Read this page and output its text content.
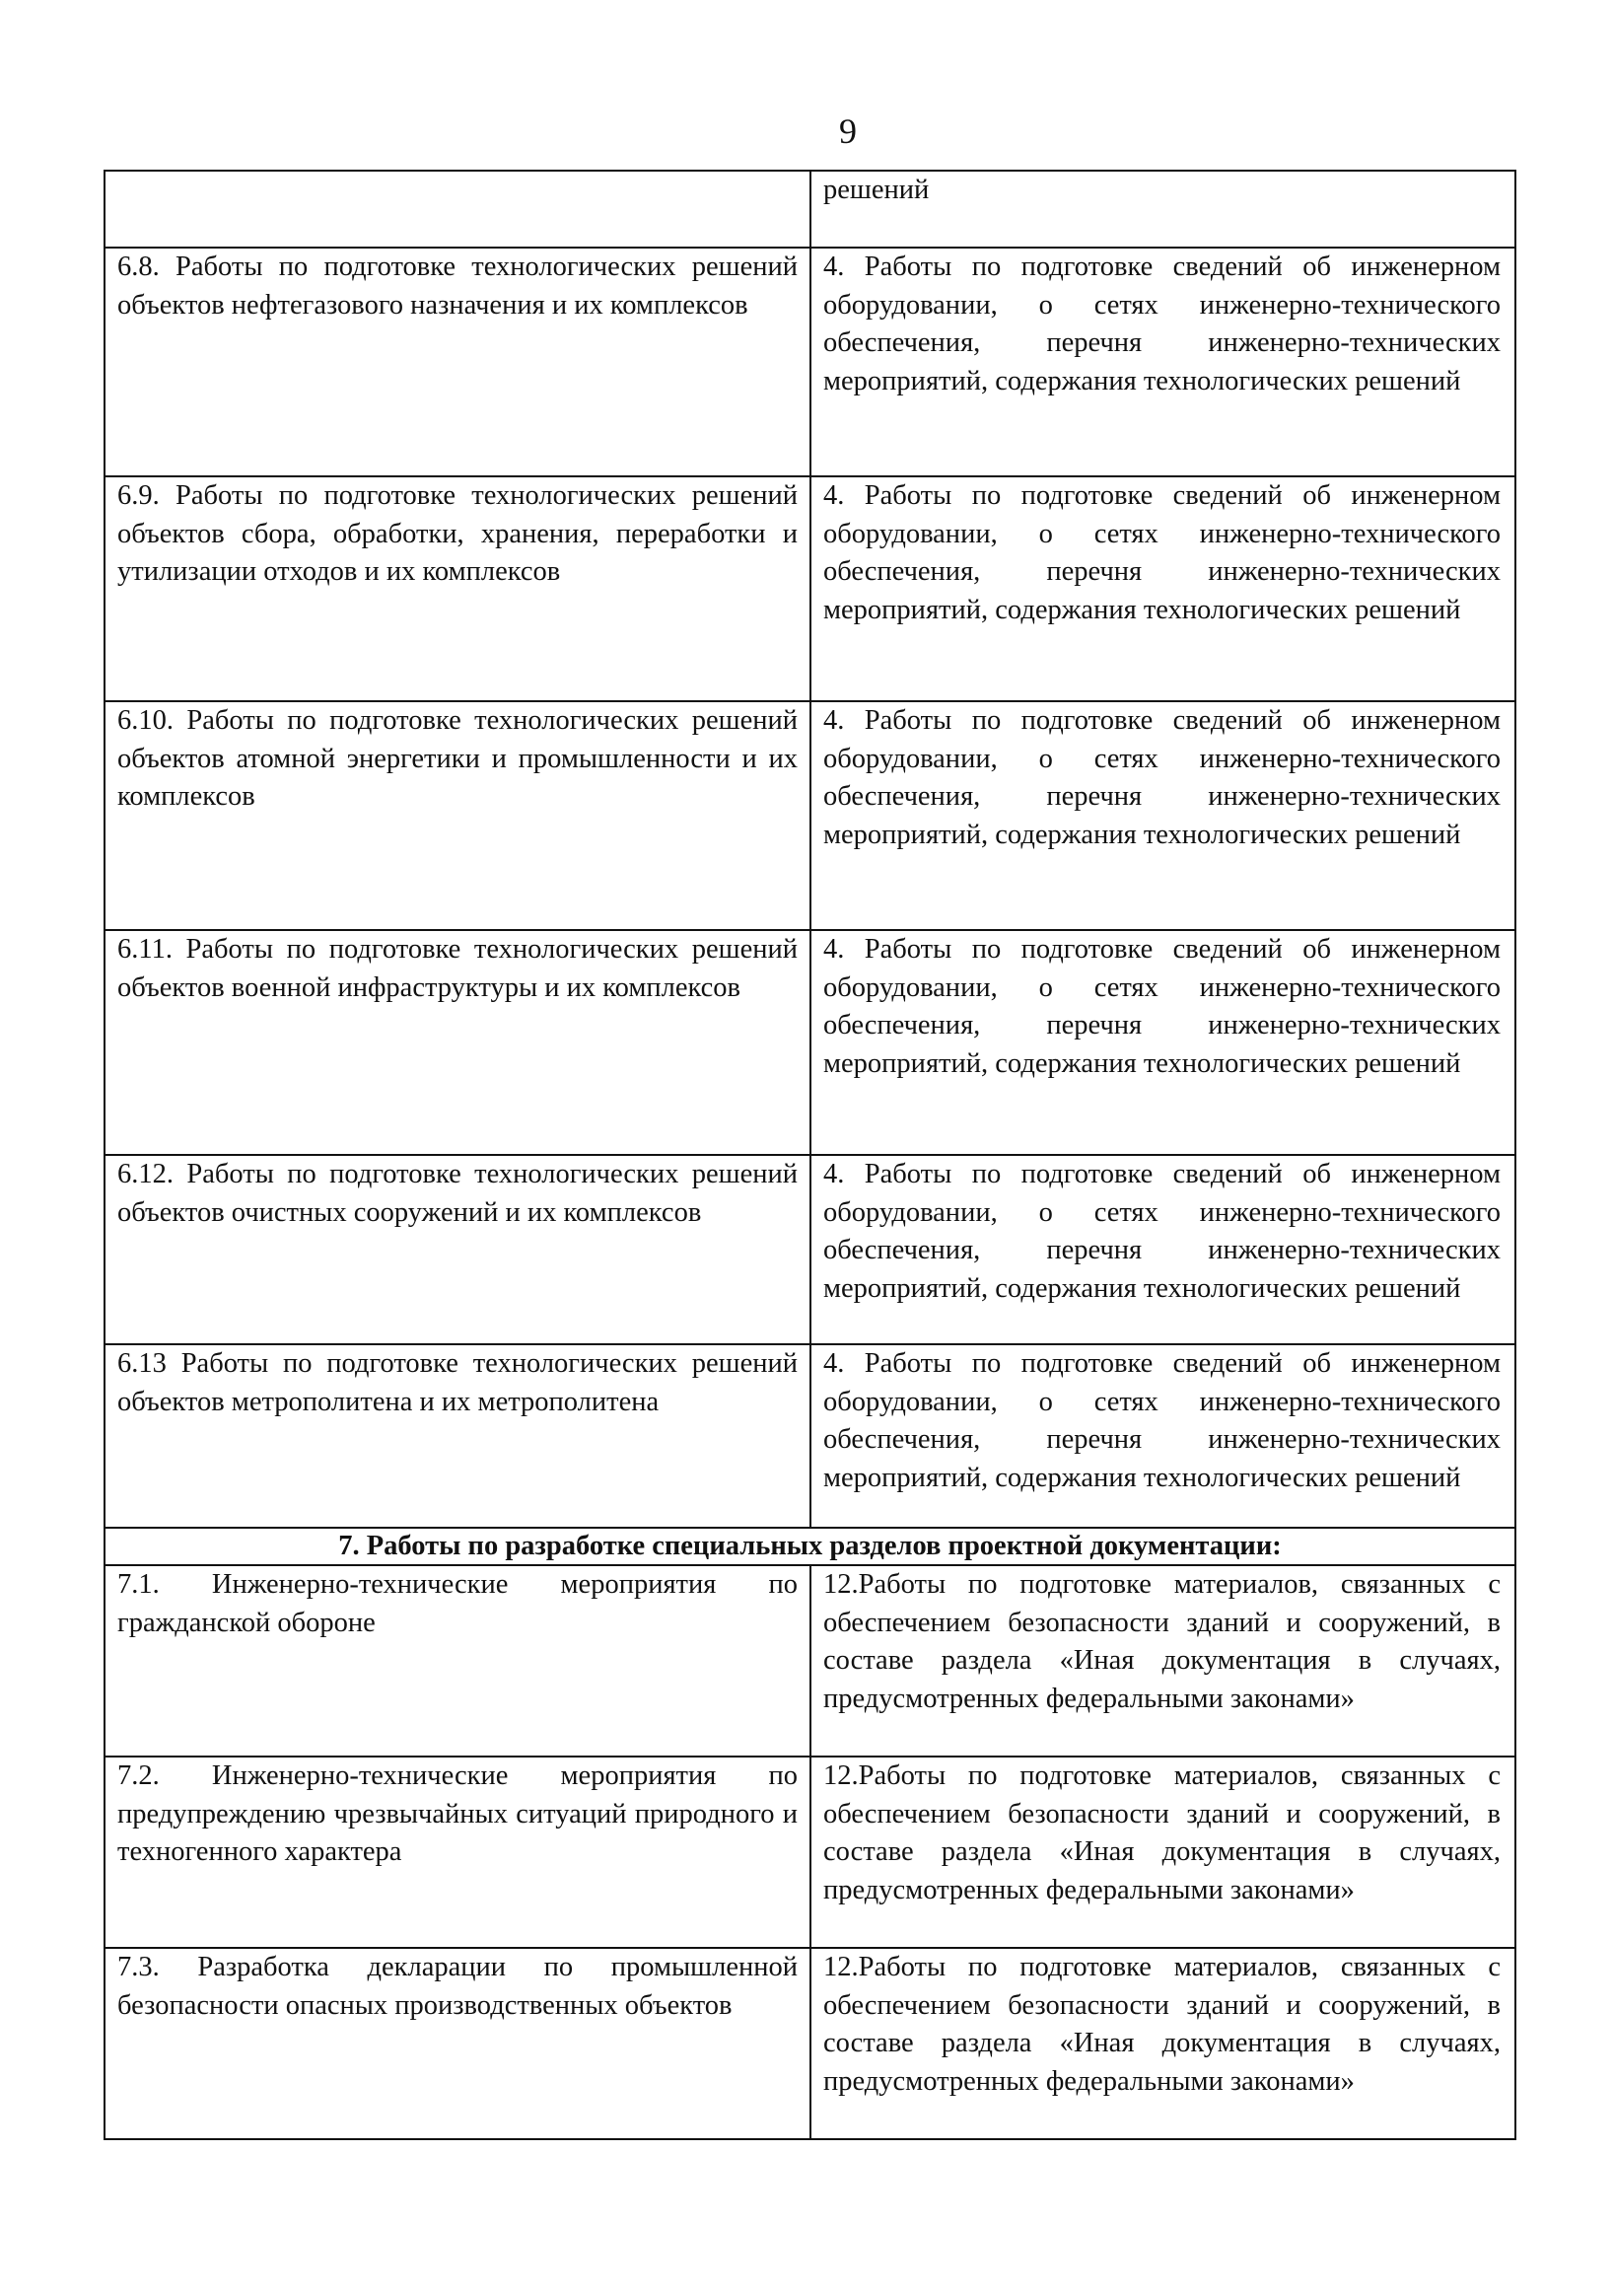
9
	решений
6.8. Работы по подготовке технологических решений объектов нефтегазового назначения и их комплексов	4. Работы по подготовке сведений об инженерном оборудовании, о сетях инженерно-технического обеспечения, перечня инженерно-технических мероприятий, содержания технологических решений
6.9. Работы по подготовке технологических решений объектов сбора, обработки, хранения, переработки и утилизации отходов и их комплексов	4. Работы по подготовке сведений об инженерном оборудовании, о сетях инженерно-технического обеспечения, перечня инженерно-технических мероприятий, содержания технологических решений
6.10. Работы по подготовке технологических решений объектов атомной энергетики и промышленности и их комплексов	4. Работы по подготовке сведений об инженерном оборудовании, о сетях инженерно-технического обеспечения, перечня инженерно-технических мероприятий, содержания технологических решений
6.11. Работы по подготовке технологических решений объектов военной инфраструктуры и их комплексов	4. Работы по подготовке сведений об инженерном оборудовании, о сетях инженерно-технического обеспечения, перечня инженерно-технических мероприятий, содержания технологических решений
6.12. Работы по подготовке технологических решений объектов очистных сооружений и их комплексов	4. Работы по подготовке сведений об инженерном оборудовании, о сетях инженерно-технического обеспечения, перечня инженерно-технических мероприятий, содержания технологических решений
6.13 Работы по подготовке технологических решений объектов метрополитена и их метрополитена	4. Работы по подготовке сведений об инженерном оборудовании, о сетях инженерно-технического обеспечения, перечня инженерно-технических мероприятий, содержания технологических решений
7. Работы по разработке специальных разделов проектной документации:	
7.1. Инженерно-технические мероприятия по гражданской обороне	12.Работы по подготовке материалов, связанных с обеспечением безопасности зданий и сооружений, в составе раздела «Иная документация в случаях, предусмотренных федеральными законами»
7.2. Инженерно-технические мероприятия по предупреждению чрезвычайных ситуаций природного и техногенного характера	12.Работы по подготовке материалов, связанных с обеспечением безопасности зданий и сооружений, в составе раздела «Иная документация в случаях, предусмотренных федеральными законами»
7.3. Разработка декларации по промышленной безопасности опасных производственных объектов	12.Работы по подготовке материалов, связанных с обеспечением безопасности зданий и сооружений, в составе раздела «Иная документация в случаях, предусмотренных федеральными законами»
